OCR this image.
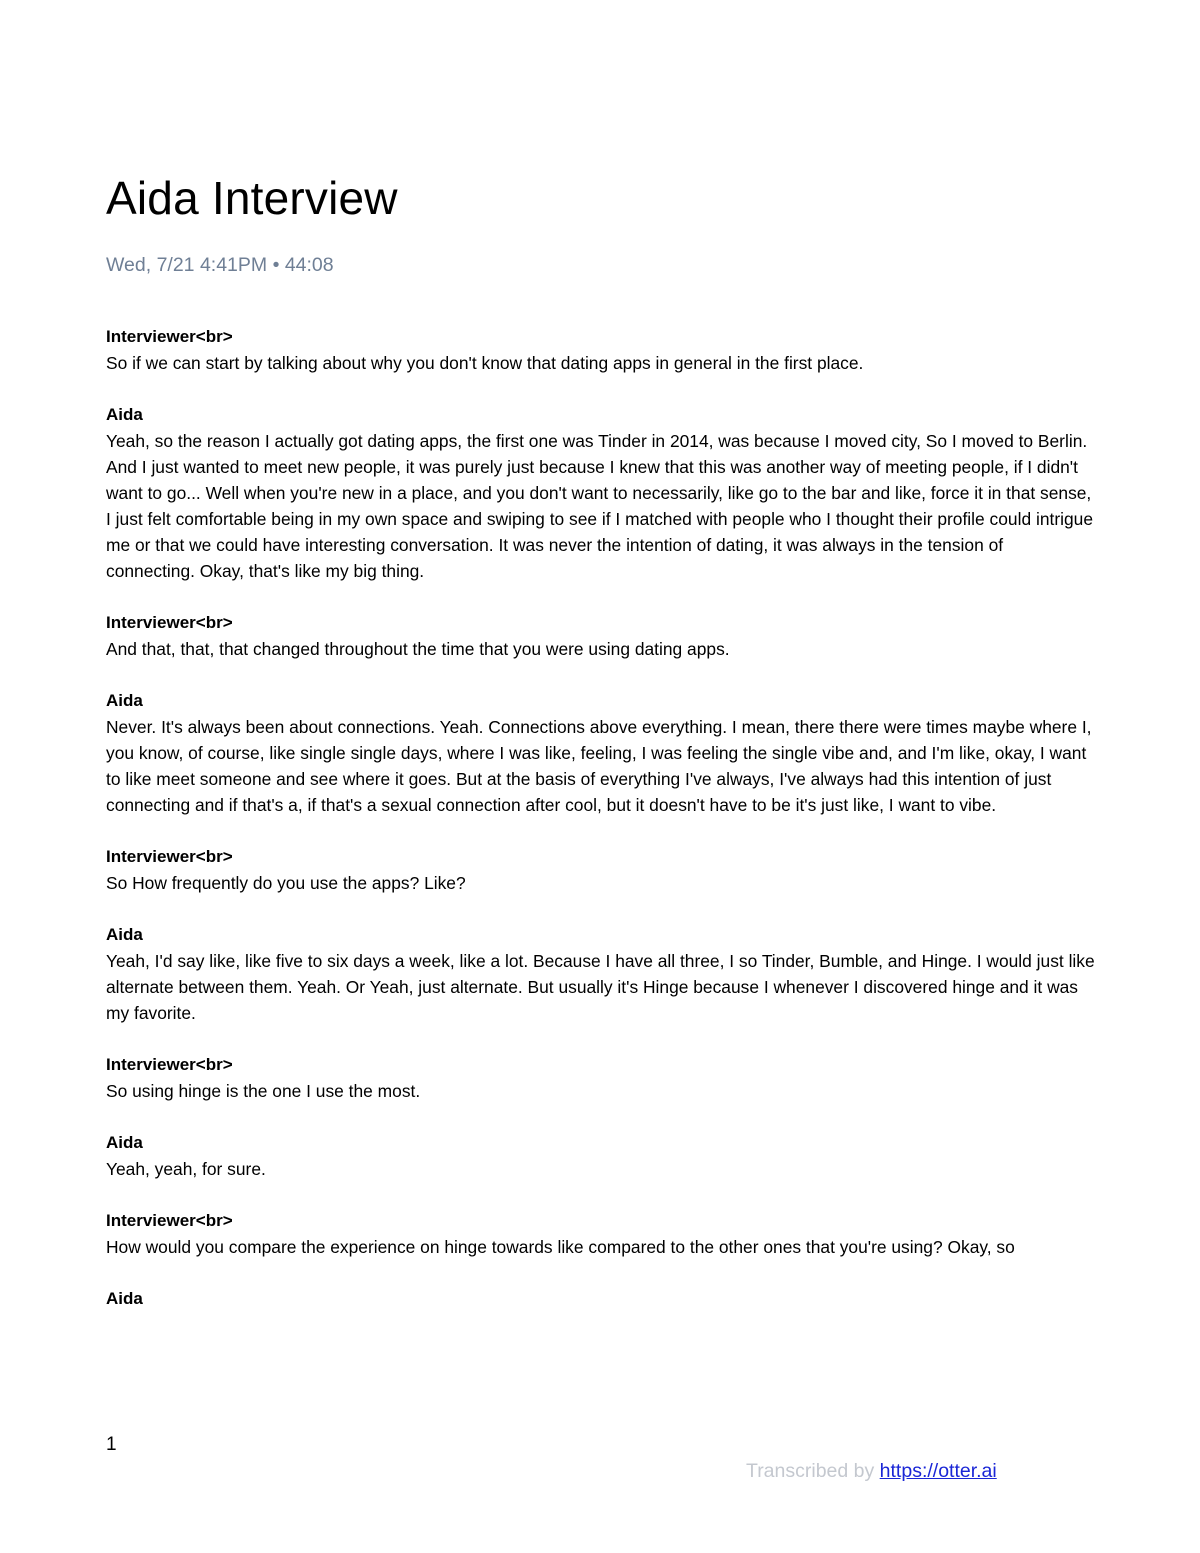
Aida Interview
Wed, 7/21 4:41PM • 44:08
Interviewer<br>

So if we can start by talking about why you don't know that dating apps in general in the first place.

Aida

Yeah, so the reason I actually got dating apps, the first one was Tinder in 2014, was because I moved city, So I moved to Berlin. And I just wanted to meet new people, it was purely just because I knew that this was another way of meeting people, if I didn't want to go... Well when you're new in a place, and you don't want to necessarily, like go to the bar and like, force it in that sense, I just felt comfortable being in my own space and swiping to see if I matched with people who I thought their profile could intrigue me or that we could have interesting conversation. It was never the intention of dating, it was always in the tension of connecting. Okay, that's like my big thing.

Interviewer<br>

And that, that, that changed throughout the time that you were using dating apps.

Aida

Never. It's always been about connections. Yeah. Connections above everything. I mean, there there were times maybe where I, you know, of course, like single single days, where I was like, feeling, I was feeling the single vibe and, and I'm like, okay, I want to like meet someone and see where it goes. But at the basis of everything I've always, I've always had this intention of just connecting and if that's a, if that's a sexual connection after cool, but it doesn't have to be it's just like, I want to vibe.

Interviewer<br>

So How frequently do you use the apps? Like?

Aida

Yeah, I'd say like, like five to six days a week, like a lot. Because I have all three, I so Tinder, Bumble, and Hinge. I would just like alternate between them. Yeah. Or Yeah, just alternate. But usually it's Hinge because I whenever I discovered hinge and it was my favorite.

Interviewer<br>

So using hinge is the one I use the most.

Aida

Yeah, yeah, for sure.

Interviewer<br>

How would you compare the experience on hinge towards like compared to the other ones that you're using? Okay, so

Aida

1
Transcribed by https://otter.ai
